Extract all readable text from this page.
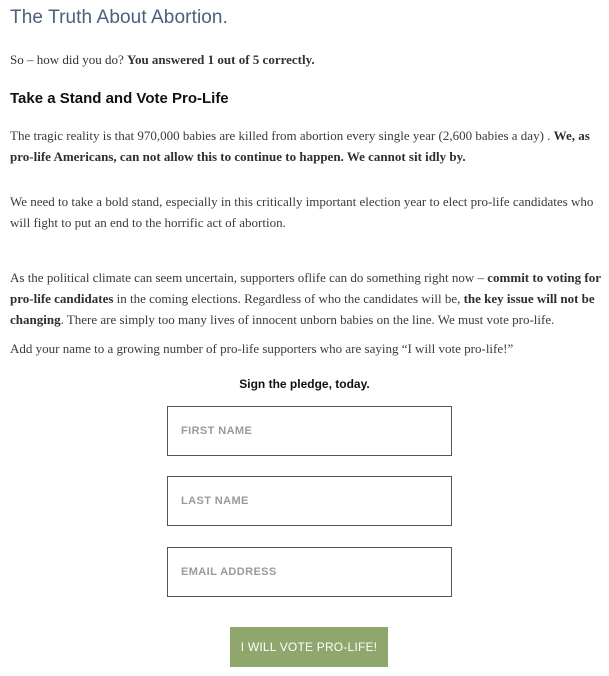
The Truth About Abortion.

So – how did you do? You answered 1 out of 5 correctly.

Take a Stand and Vote Pro-Life

The tragic reality is that 970,000 babies are killed from abortion every single year (2,600 babies a day) . We, as pro-life Americans, can not allow this to continue to happen. We cannot sit idly by.

We need to take a bold stand, especially in this critically important election year to elect pro-life candidates who will fight to put an end to the horrific act of abortion.

As the political climate can seem uncertain, supporters oflife can do something right now – commit to voting for pro-life candidates in the coming elections. Regardless of who the candidates will be, the key issue will not be changing. There are simply too many lives of innocent unborn babies on the line. We must vote pro-life.

Add your name to a growing number of pro-life supporters who are saying “I will vote pro-life!”

Sign the pledge, today.

FIRST NAME
LAST NAME
EMAIL ADDRESS
I WILL VOTE PRO-LIFE!
